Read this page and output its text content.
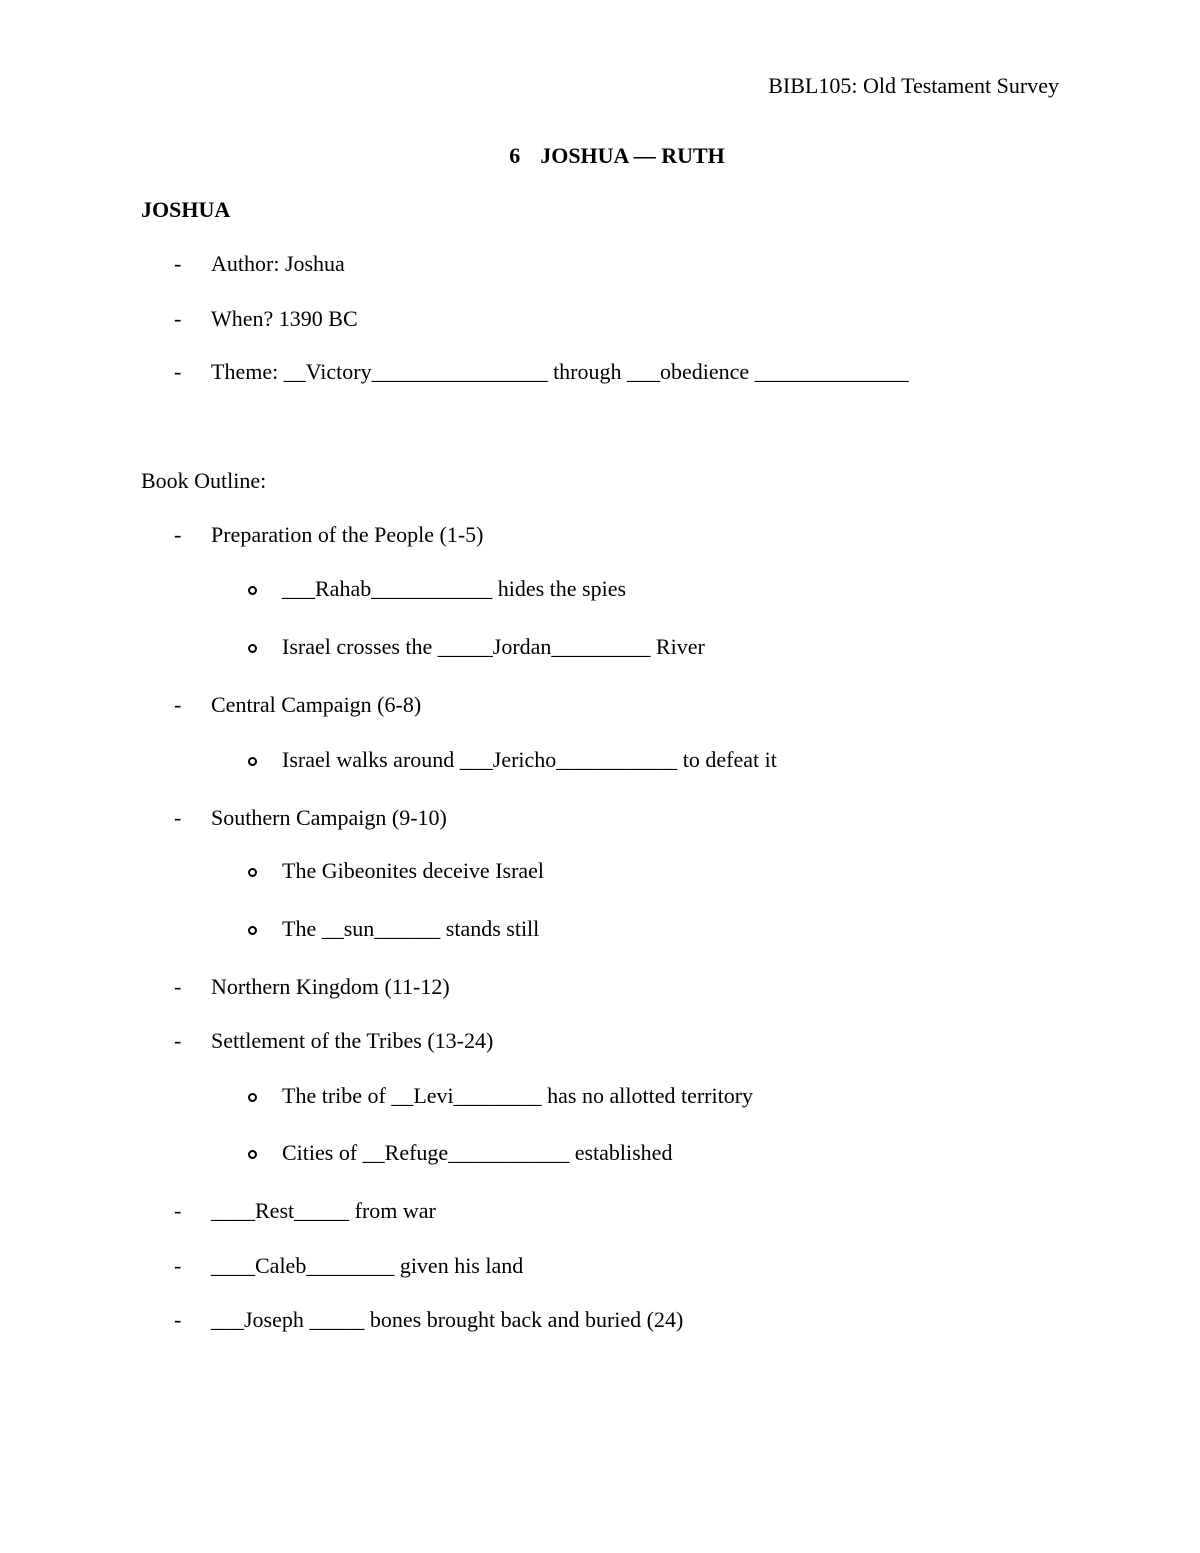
BIBL105: Old Testament Survey
6 JOSHUA — RUTH
JOSHUA
- Author: Joshua
- When? 1390 BC
- Theme: __Victory________________ through ___obedience ______________
Book Outline:
- Preparation of the People (1-5)
___Rahab___________ hides the spies
Israel crosses the _____Jordan_________ River
- Central Campaign (6-8)
Israel walks around ___Jericho___________ to defeat it
- Southern Campaign (9-10)
The Gibeonites deceive Israel
The __sun______ stands still
- Northern Kingdom (11-12)
- Settlement of the Tribes (13-24)
The tribe of __Levi________ has no allotted territory
Cities of __Refuge___________ established
- ____Rest_____ from war
- ____Caleb________ given his land
- ___Joseph _____ bones brought back and buried (24)
